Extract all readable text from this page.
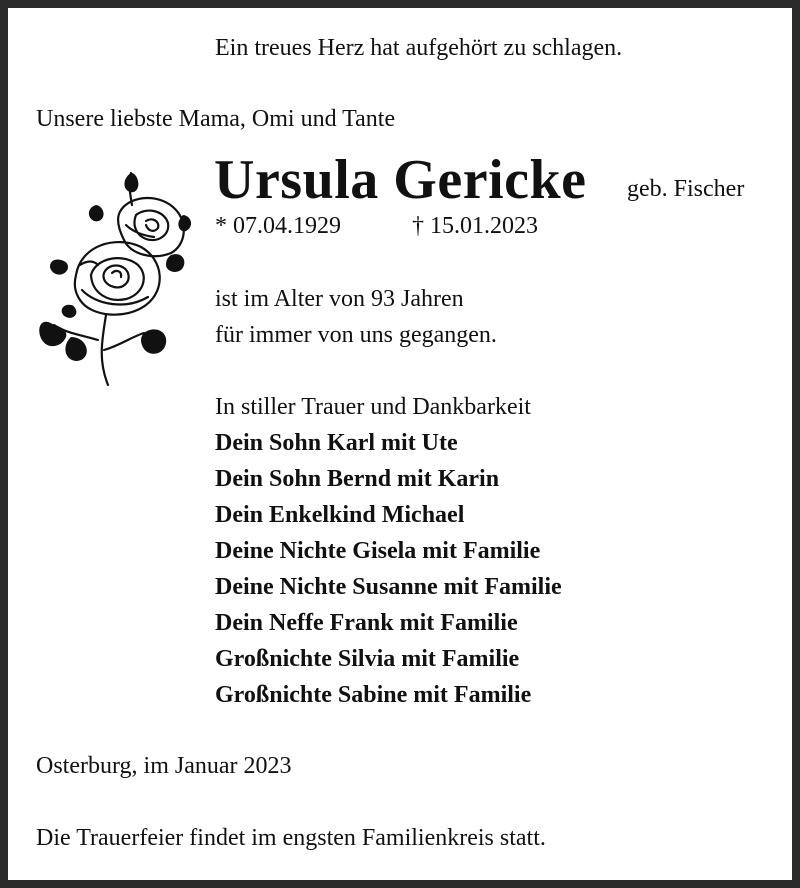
Ein treues Herz hat aufgehört zu schlagen.
Unsere liebste Mama, Omi und Tante
Ursula Gericke geb. Fischer
* 07.04.1929	† 15.01.2023
ist im Alter von 93 Jahren
für immer von uns gegangen.
In stiller Trauer und Dankbarkeit
Dein Sohn Karl mit Ute
Dein Sohn Bernd mit Karin
Dein Enkelkind Michael
Deine Nichte Gisela mit Familie
Deine Nichte Susanne mit Familie
Dein Neffe Frank mit Familie
Großnichte Silvia mit Familie
Großnichte Sabine mit Familie
Osterburg, im Januar 2023
Die Trauerfeier findet im engsten Familienkreis statt.
